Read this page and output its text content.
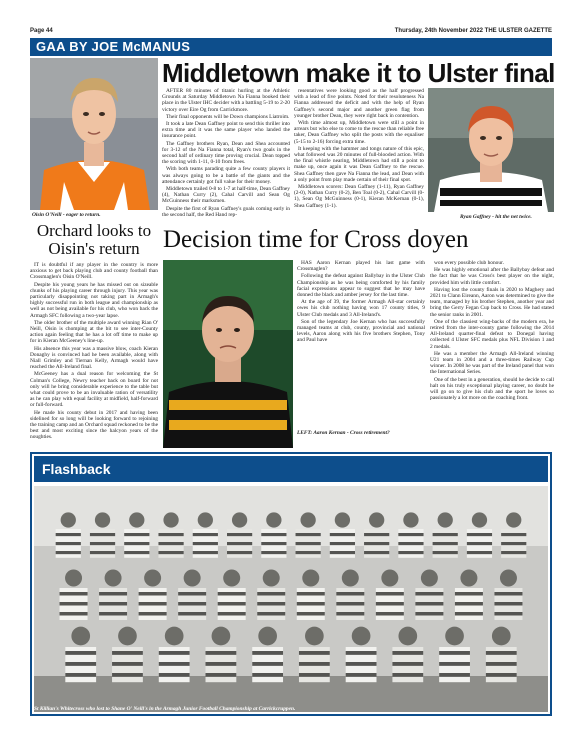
Page 44	Thursday, 24th November 2022 THE ULSTER GAZETTE
GAA BY JOE McMANUS
Oisin O'Neill - eager to return.
Middletown make it to Ulster final

AFTER 80 minutes of titanic hurling at the Athletic Grounds at Saturday Middletown Na Fianna booked their place in the Ulster IHC decider with a battling 5-19 to 2-20 victory over Eire Og from Carrickmore.

Their final opponents will be Down champions Liatroim.

It took a late Dean Gaffney point to send this thriller into extra time and it was the same player who landed the insurance point.

The Gaffney brothers Ryan, Dean and Shea accounted for 3-12 of the Na Fianna total, Ryan's two goals in the second half of ordinary time proving crucial. Dean topped the scoring with 1-11, 0-10 from frees.

With both teams parading quite a few county players it was always going to be a battle of the giants and the attendance certainly got full value for their money.

Middletown trailed 0-8 to 1-7 at half-time, Dean Gaffney (4), Nathan Curry (2), Cahal Carvill and Sean Og McGuinness their marksmen.

Despite the first of Ryan Gaffney's goals coming early in the second half, the Red Hand rep-

resentatives were looking good as the half progressed with a lead of five points. Noted for their resoluteness Na Fianna addressed the deficit and with the help of Ryan Gaffney's second major and another green flag from younger brother Dean, they were right back in contention.

With time almost up, Middletown were still a point in arrears but who else to come to the rescue than reliable free taker, Dean Gaffney who split the posts with the equaliser (5-15 to 2-16) forcing extra time.

It keeping with the hammer and tongs nature of this epic, what followed was 20 minutes of full-blooded action. With the final whistle nearing, Middletown had still a point to make up, once again it was Dean Gaffney to the rescue. Shea Gaffney then gave Na Fianna the lead, and Dean with a only point from play made certain of their final spot.

Middletown scorers: Dean Gaffney (1-11), Ryan Gaffney (2-0), Nathan Curry (0-2), Ben Toal (0-2), Cahal Carvill (0-1), Sean Og McGuinness (0-1), Kieran McKernan (0-1), Shea Gaffney (1-1).

Ryan Gaffney - hit the net twice.
Orchard looks to Oisin's return

IT is doubtful if any player in the country is more anxious to get back playing club and county football than Crossmaglen's Oisin O'Neill.

Despite his young years he has missed out on sizeable chunks of his playing career through injury. This year was particularly disappointing not taking part in Armagh's highly successful run in both league and championship as well as not being available for his club, who won back the Armagh SFC following a two-year lapse.

The older brother of the multiple award winning Rian O' Neill, Oisin is chomping at the bit to see inter-County action again feeling that he has a lot off time to make up for in Kieran McGeeney's line-up.

His absence this year was a massive blow, coach Kieran Donaghy is convinced had he been available, along with Niall Grimley and Tiernan Kelly, Armagh would have reached the All-Ireland final.

McGeeney has a dual reason for welcoming the St Colman's College, Newry teacher back on board for not only will he bring considerable experience to the table but what could prove to be an invaluable ration of versatility as he can play with equal facility at midfield, half-forward or full-forward.

He made his county debut in 2017 and having been sidelined for so long will be looking forward to rejoining the training camp and an Orchard squad reckoned to be the best and most exciting since the halcyon years of the noughties.

Decision time for Cross doyen

HAS Aaron Kernan played his last game with Crossmaglen?

Following the defeat against Ballybay in the Ulster Club Championship as he was being comforted by his family facial expressions appear to suggest that he may have donned the black and amber jersey for the last time.

At the age of 39, the former Armagh All-star certainly owes his club nothing having won 17 county titles, 9 Ulster Club medals and 3 All-Ireland's.

Son of the legendary Joe Kernan who has successfully managed teams at club, county, provincial and national levels, Aaron along with his five brothers Stephen, Tony and Paul have

LEFT: Aaron Kernan - Cross retirement?

won every possible club honour.

He was highly emotional after the Ballybay defeat and the fact that he was Cross's best player on the night, provided him with little comfort.

Having lost the county finals in 2020 to Maghery and 2021 to Clann Eireann, Aaron was determined to give the team, managed by his brother Stephen, another year and bring the Gerry Fegan Cup back to Cross. He had stated the senior ranks in 2001.

One of the classiest wing-backs of the modern era, he retired from the inter-county game following the 2014 All-Ireland quarter-final defeat to Donegal having collected 4 Ulster SFC medals plus NFL Division 1 and 2 medals.

He was a member the Armagh All-Ireland winning U21 team in 2004 and a three-times Railway Cup winner. In 2008 he was part of the Ireland panel that won the International Series.

One of the best in a generation, should he decide to call halt on his truly exceptional playing career, no doubt he will go on to give his club and the sport he loves so passionately a lot more on the coaching front.

Flashback
St Killian's Whitecross who lost to Shane O' Neill's in the Armagh Junior Football Championship at Carrickcruppen.
